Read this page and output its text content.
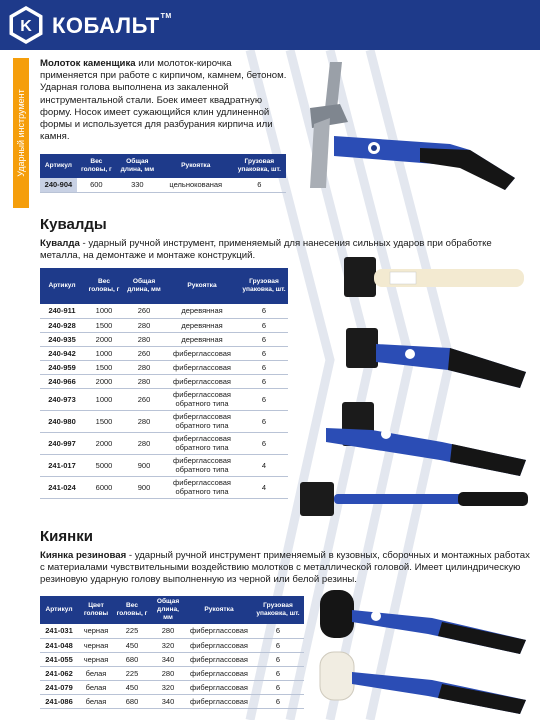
K КОБАЛЬТ™
Ударный инструмент
Молоток каменщика или молоток-кирочка применяется при работе с кирпичом, камнем, бетоном. Ударная голова выполнена из закаленной инструментальной стали. Боек имеет квадратную форму. Носок имеет сужающийся клин удлиненной формы и используется для разбурания кирпича или камня.
Артикул	Вес головы, г	Общая длина, мм	Рукоятка	Грузовая упаковка, шт.
240-904	600	330	цельнокованая	6
Кувалды
Кувалда - ударный ручной инструмент, применяемый для нанесения сильных ударов при обработке металла, на демонтаже и монтаже конструкций.
Артикул	Вес головы, г	Общая длина, мм	Рукоятка	Грузовая упаковка, шт.
240-911	1000	260	деревянная	6
240-928	1500	280	деревянная	6
240-935	2000	280	деревянная	6
240-942	1000	260	фиберглассовая	6
240-959	1500	280	фиберглассовая	6
240-966	2000	280	фиберглассовая	6
240-973	1000	260	фиберглассовая обратного типа	6
240-980	1500	280	фиберглассовая обратного типа	6
240-997	2000	280	фиберглассовая обратного типа	6
241-017	5000	900	фиберглассовая обратного типа	4
241-024	6000	900	фиберглассовая обратного типа	4
Киянки
Киянка резиновая - ударный ручной инструмент применяемый в кузовных, сборочных и монтажных работах с материалами чувствительными воздействию молотков с металлической головой. Имеет цилиндрическую резиновую ударную голову выполненную из черной или белой резины.
Артикул	Цвет головы	Вес головы, г	Общая длина, мм	Рукоятка	Грузовая упаковка, шт.
241-031	черная	225	280	фиберглассовая	6
241-048	черная	450	320	фиберглассовая	6
241-055	черная	680	340	фиберглассовая	6
241-062	белая	225	280	фиберглассовая	6
241-079	белая	450	320	фиберглассовая	6
241-086	белая	680	340	фиберглассовая	6
